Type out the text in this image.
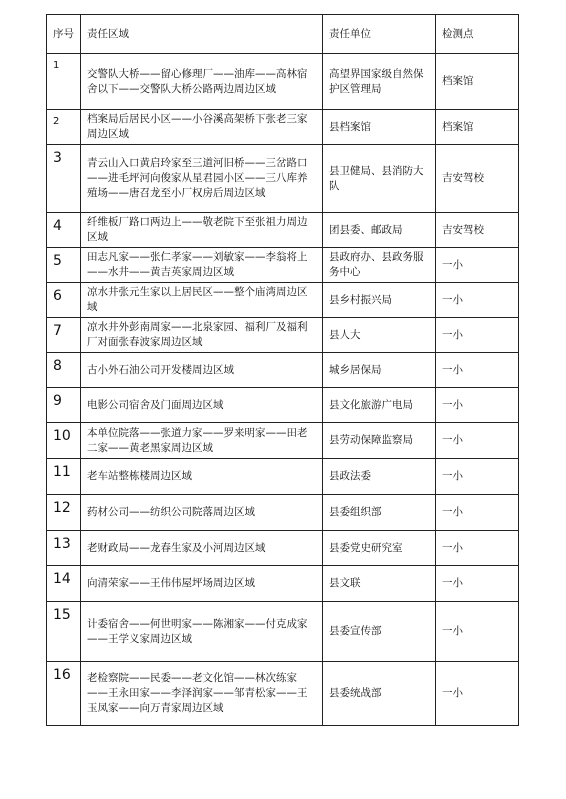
序号	责任区域	责任单位	检测点
1	交警队大桥——留心修理厂——油库——高林宿舍以下——交警队大桥公路两边周边区域	高望界国家级自然保护区管理局	档案馆
2	档案局后居民小区——小谷溪高架桥下张老三家周边区域	县档案馆	档案馆
3	青云山入口黄启玲家至三道河旧桥——三岔路口——进毛坪河向俊家从星君园小区——三八库养殖场——唐召龙至小厂权房后周边区域	县卫健局、县消防大队	吉安驾校
4	纤维板厂路口两边上——敬老院下至张祖力周边区域	团县委、邮政局	吉安驾校
5	田志凡家——张仁孝家——刘敏家——李翁将上——水井——黄吉英家周边区域	县政府办、县政务服务中心	一小
6	凉水井张元生家以上居民区——整个庙湾周边区域	县乡村振兴局	一小
7	凉水井外彭南周家——北泉家园、福利厂及福利厂对面张春波家周边区域	县人大	一小
8	古小外石油公司开发楼周边区域	城乡居保局	一小
9	电影公司宿舍及门面周边区域	县文化旅游广电局	一小
10	本单位院落——张道力家——罗来明家——田老二家——黄老黑家周边区域	县劳动保障监察局	一小
11	老车站整栋楼周边区域	县政法委	一小
12	药材公司——纺织公司院落周边区域	县委组织部	一小
13	老财政局——龙春生家及小河周边区域	县委党史研究室	一小
14	向清荣家——王伟伟屋坪场周边区域	县文联	一小
15	计委宿舍——何世明家——陈湘家——付克成家——王学义家周边区域	县委宣传部	一小
16	老检察院——民委——老文化馆——林次练家——王永田家——李泽润家——邹青松家——王玉凤家——向万青家周边区域	县委统战部	一小
